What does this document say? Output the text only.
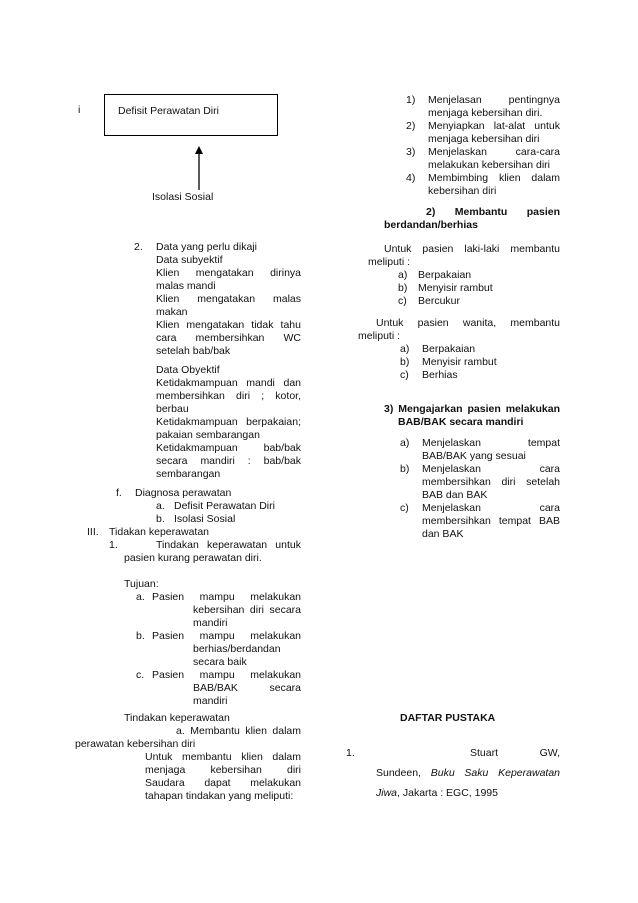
i	Defisit Perawatan Diri
Isolasi Sosial
2. Data yang perlu dikaji
Data subyektif
Klien mengatakan dirinya
malas mandi
Klien mengatakan malas
makan
Klien mengatakan tidak tahu
cara membersihkan WC
setelah bab/bak
Data Obyektif
Ketidakmampuan mandi dan
membersihkan diri ; kotor,
berbau
Ketidakmampuan berpakaian;
pakaian sembarangan
Ketidakmampuan bab/bak
secara mandiri : bab/bak
sembarangan
f. Diagnosa perawatan
a. Defisit Perawatan Diri
b. Isolasi Sosial
III. Tidakan keperawatan
1.	Tindakan keperawatan untuk
pasien kurang perawatan diri.
Tujuan:
a. Pasien mampu melakukan
kebersihan diri secara
mandiri
b. Pasien mampu melakukan
berhias/berdandan
secara baik
c. Pasien mampu melakukan
BAB/BAK secara
mandiri
Tindakan keperawatan
a. Membantu klien dalam
perawatan kebersihan diri
Untuk membantu klien dalam
menjaga kebersihan diri
Saudara dapat melakukan
tahapan tindakan yang meliputi:
1) Menjelasan pentingnya
menjaga kebersihan diri.
2) Menyiapkan lat-alat untuk
menjaga kebersihan diri
3) Menjelaskan cara-cara
melakukan kebersihan diri
4) Membimbing klien dalam
kebersihan diri
2) Membantu pasien
berdandan/berhias
Untuk pasien laki-laki membantu
meliputi :
a) Berpakaian
b) Menyisir rambut
c) Bercukur
Untuk pasien wanita, membantu
meliputi :
a) Berpakaian
b) Menyisir rambut
c) Berhias
3) Mengajarkan pasien melakukan
BAB/BAK secara mandiri
a) Menjelaskan tempat
BAB/BAK yang sesuai
b) Menjelaskan cara
membersihkan diri setelah
BAB dan BAK
c) Menjelaskan cara
membersihkan tempat BAB
dan BAK
DAFTAR PUSTAKA
1.	Stuart GW,
Sundeen, Buku Saku Keperawatan
Jiwa, Jakarta : EGC, 1995
